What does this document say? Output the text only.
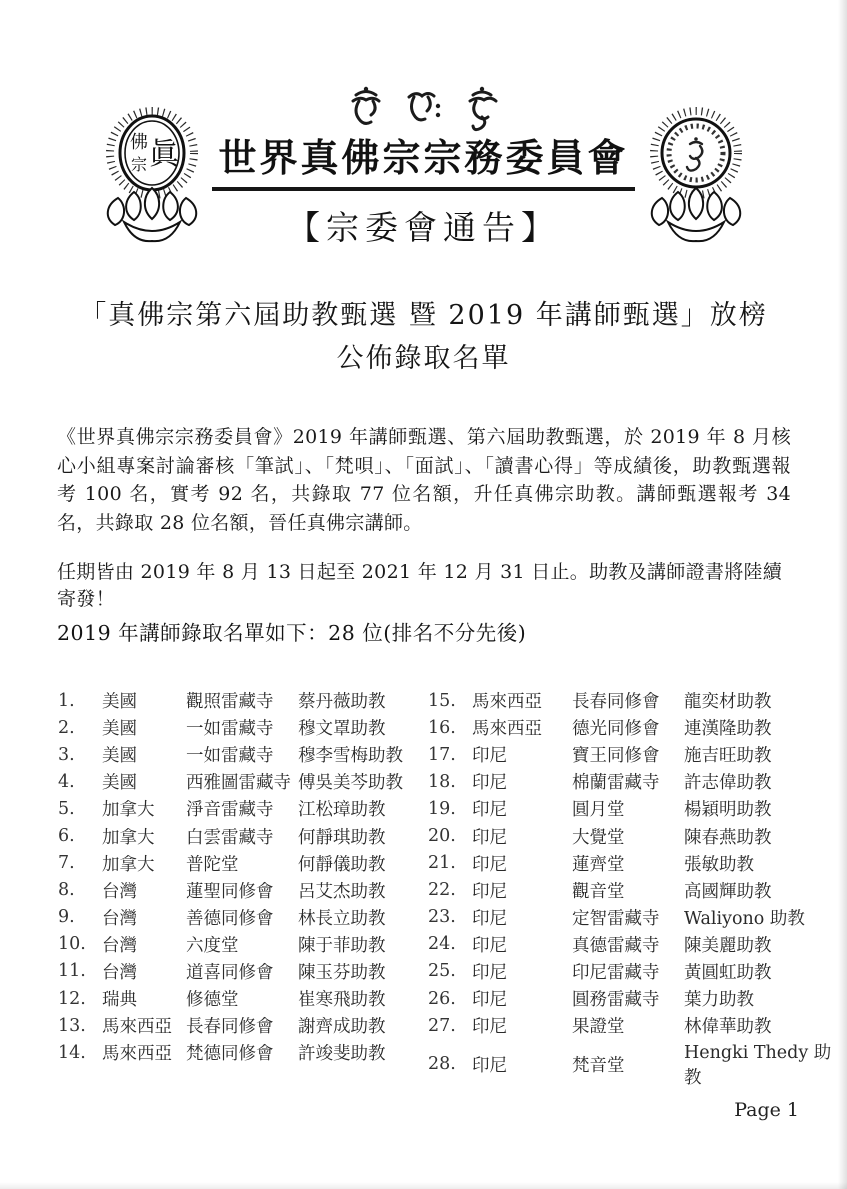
世界真佛宗宗務委員會
【宗委會通告】
佛
宗 眞
「真佛宗第六屆助教甄選 暨 2019 年講師甄選」放榜
公佈錄取名單
《世界真佛宗宗務委員會》2019 年講師甄選、第六屆助教甄選，於 2019 年 8 月核心小組專案討論審核「筆試」、「梵唄」、「面試」、「讀書心得」等成績後，助教甄選報考 100 名，實考 92 名，共錄取 77 位名額，升任真佛宗助教。講師甄選報考 34 名，共錄取 28 位名額，晉任真佛宗講師。
任期皆由 2019 年 8 月 13 日起至 2021 年 12 月 31 日止。助教及講師證書將陸續寄發！
2019 年講師錄取名單如下：28 位(排名不分先後)
1.	美國	觀照雷藏寺	蔡丹薇助教
2.	美國	一如雷藏寺	穆文罩助教
3.	美國	一如雷藏寺	穆李雪梅助教
4.	美國	西雅圖雷藏寺 傅吳美芩助教
5.	加拿大	淨音雷藏寺	江松璋助教
6.	加拿大	白雲雷藏寺	何靜琪助教
7.	加拿大	普陀堂	何靜儀助教
8.	台灣	蓮聖同修會	呂艾杰助教
9.	台灣	善德同修會	林長立助教
10. 台灣	六度堂	陳于菲助教
11. 台灣	道喜同修會	陳玉芬助教
12. 瑞典	修德堂	崔寒飛助教
13. 馬來西亞 長春同修會	謝齊成助教
14. 馬來西亞 梵德同修會	許竣斐助教
15. 馬來西亞	長春同修會	龍奕材助教
16. 馬來西亞	德光同修會	連漢隆助教
17. 印尼	寶王同修會	施吉旺助教
18. 印尼	棉蘭雷藏寺	許志偉助教
19. 印尼	圓月堂	楊穎明助教
20. 印尼	大覺堂	陳春燕助教
21. 印尼	蓮齊堂	張敏助教
22. 印尼	觀音堂	高國輝助教
23. 印尼	定智雷藏寺	Waliyono 助教
24. 印尼	真德雷藏寺	陳美麗助教
25. 印尼	印尼雷藏寺	黃圓虹助教
26. 印尼	圓務雷藏寺	葉力助教
27. 印尼	果證堂	林偉華助教
28. 印尼	梵音堂
Hengki Thedy 助教
Page 1
